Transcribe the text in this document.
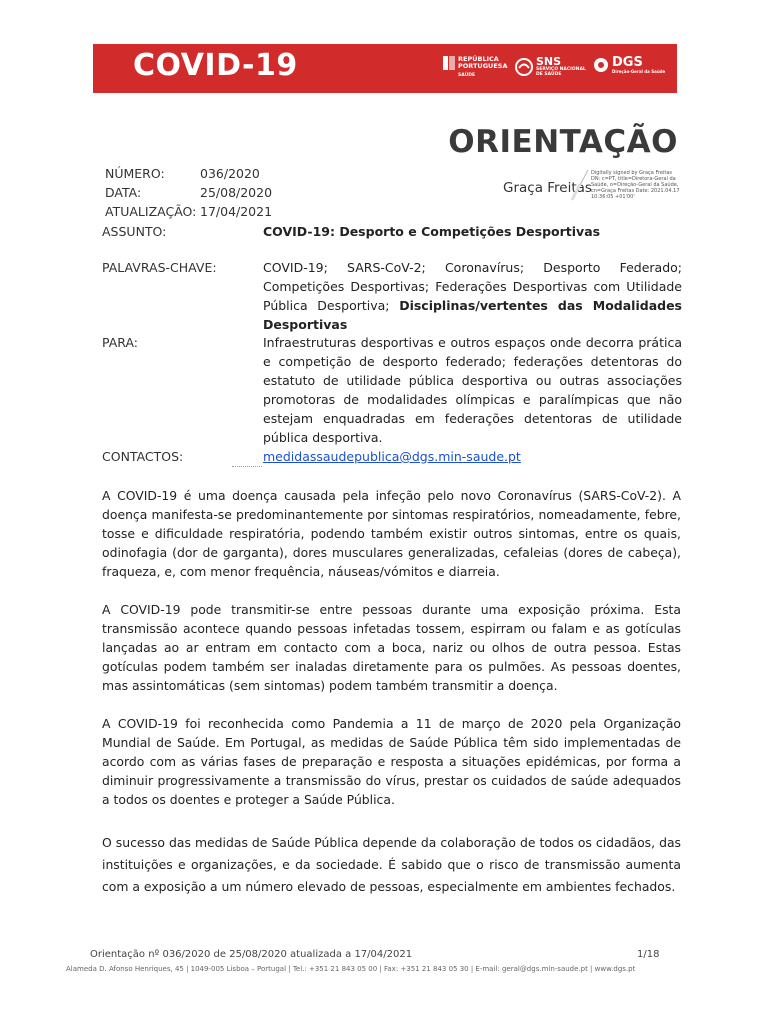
COVID-19	REPÚBLICA
PORTUGUESA
SAÚDE
SNS
SERVIÇO NACIONAL
DE SAÚDE
DGS
Direção-Geral da Saúde
ORIENTAÇÃO
Graça Freitas
Digitally signed by Graça Freitas DN: c=PT, title=Diretora-Geral da Saúde, o=Direção-Geral da Saúde, cn=Graça Freitas Date: 2021.04.17 10:36:05 +01'00'
NÚMERO:	036/2020
DATA:	25/08/2020
ATUALIZAÇÃO: 17/04/2021
ASSUNTO:	COVID-19: Desporto e Competições Desportivas
PALAVRAS-CHAVE:	COVID-19; SARS-CoV-2; Coronavírus; Desporto Federado; Competições Desportivas; Federações Desportivas com Utilidade Pública Desportiva; Disciplinas/vertentes das Modalidades Desportivas
PARA:	Infraestruturas desportivas e outros espaços onde decorra prática e competição de desporto federado; federações detentoras do estatuto de utilidade pública desportiva ou outras associações promotoras de modalidades olímpicas e paralímpicas que não estejam enquadradas em federações detentoras de utilidade pública desportiva.
CONTACTOS:	medidassaudepublica@dgs.min-saude.pt
A COVID-19 é uma doença causada pela infeção pelo novo Coronavírus (SARS-CoV-2). A doença manifesta-se predominantemente por sintomas respiratórios, nomeadamente, febre, tosse e dificuldade respiratória, podendo também existir outros sintomas, entre os quais, odinofagia (dor de garganta), dores musculares generalizadas, cefaleias (dores de cabeça), fraqueza, e, com menor frequência, náuseas/vómitos e diarreia.
A COVID-19 pode transmitir-se entre pessoas durante uma exposição próxima. Esta transmissão acontece quando pessoas infetadas tossem, espirram ou falam e as gotículas lançadas ao ar entram em contacto com a boca, nariz ou olhos de outra pessoa. Estas gotículas podem também ser inaladas diretamente para os pulmões. As pessoas doentes, mas assintomáticas (sem sintomas) podem também transmitir a doença.
A COVID-19 foi reconhecida como Pandemia a 11 de março de 2020 pela Organização Mundial de Saúde. Em Portugal, as medidas de Saúde Pública têm sido implementadas de acordo com as várias fases de preparação e resposta a situações epidémicas, por forma a diminuir progressivamente a transmissão do vírus, prestar os cuidados de saúde adequados a todos os doentes e proteger a Saúde Pública.
O sucesso das medidas de Saúde Pública depende da colaboração de todos os cidadãos, das instituições e organizações, e da sociedade. É sabido que o risco de transmissão aumenta com a exposição a um número elevado de pessoas, especialmente em ambientes fechados.
Orientação nº 036/2020 de 25/08/2020 atualizada a 17/04/2021	1/18
Alameda D. Afonso Henriques, 45 | 1049-005 Lisboa – Portugal | Tel.: +351 21 843 05 00 | Fax: +351 21 843 05 30 | E-mail: geral@dgs.min-saude.pt | www.dgs.pt
